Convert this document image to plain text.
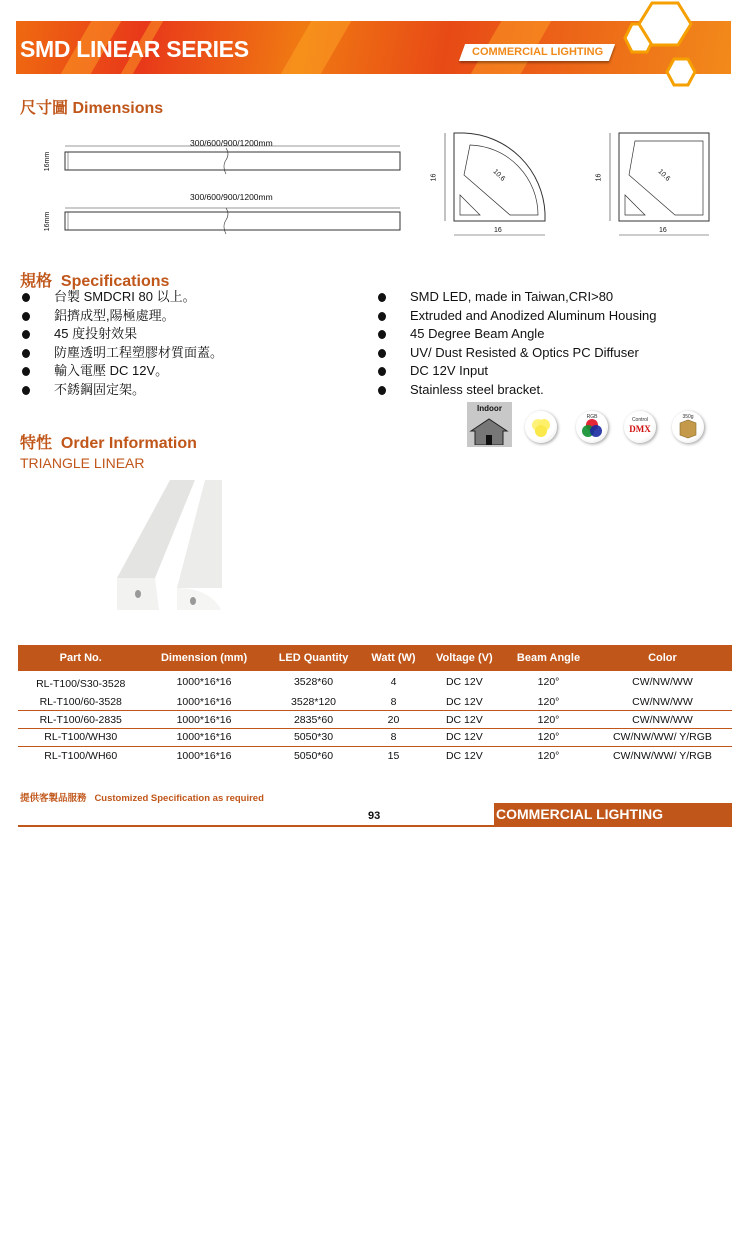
SMD LINEAR SERIES	COMMERCIAL LIGHTING
尺寸圖 Dimensions
300/600/900/1200mm
300/600/900/1200mm
16mm
16mm
16
16
10.6	16
16
10.6
規格 Specifications
台製 SMDCRI 80 以上。
鋁擠成型,陽極處理。
45 度投射效果
防塵透明工程塑膠材質面蓋。
輸入電壓 DC 12V。
不銹鋼固定架。
SMD LED, made in Taiwan,CRI>80
Extruded and Anodized Aluminum Housing
45 Degree Beam Angle
UV/ Dust Resisted & Optics PC Diffuser
DC 12V Input
Stainless steel bracket.
Indoor
RGB	Control
DMX
350g
特性 Order Information
TRIANGLE LINEAR
Part No.	Dimension (mm)	LED Quantity	Watt (W)	Voltage (V)	Beam Angle	Color
RL-T100/S30-3528	1000*16*16	3528*60	4	DC 12V	120°	CW/NW/WW
RL-T100/60-3528	1000*16*16	3528*120	8	DC 12V	120°	CW/NW/WW
RL-T100/60-2835	1000*16*16	2835*60	20	DC 12V	120°	CW/NW/WW
RL-T100/WH30	1000*16*16	5050*30	8	DC 12V	120°	CW/NW/WW/ Y/RGB
RL-T100/WH60	1000*16*16	5050*60	15	DC 12V	120°	CW/NW/WW/ Y/RGB
提供客製品服務 Customized Specification as required
93	COMMERCIAL LIGHTING
